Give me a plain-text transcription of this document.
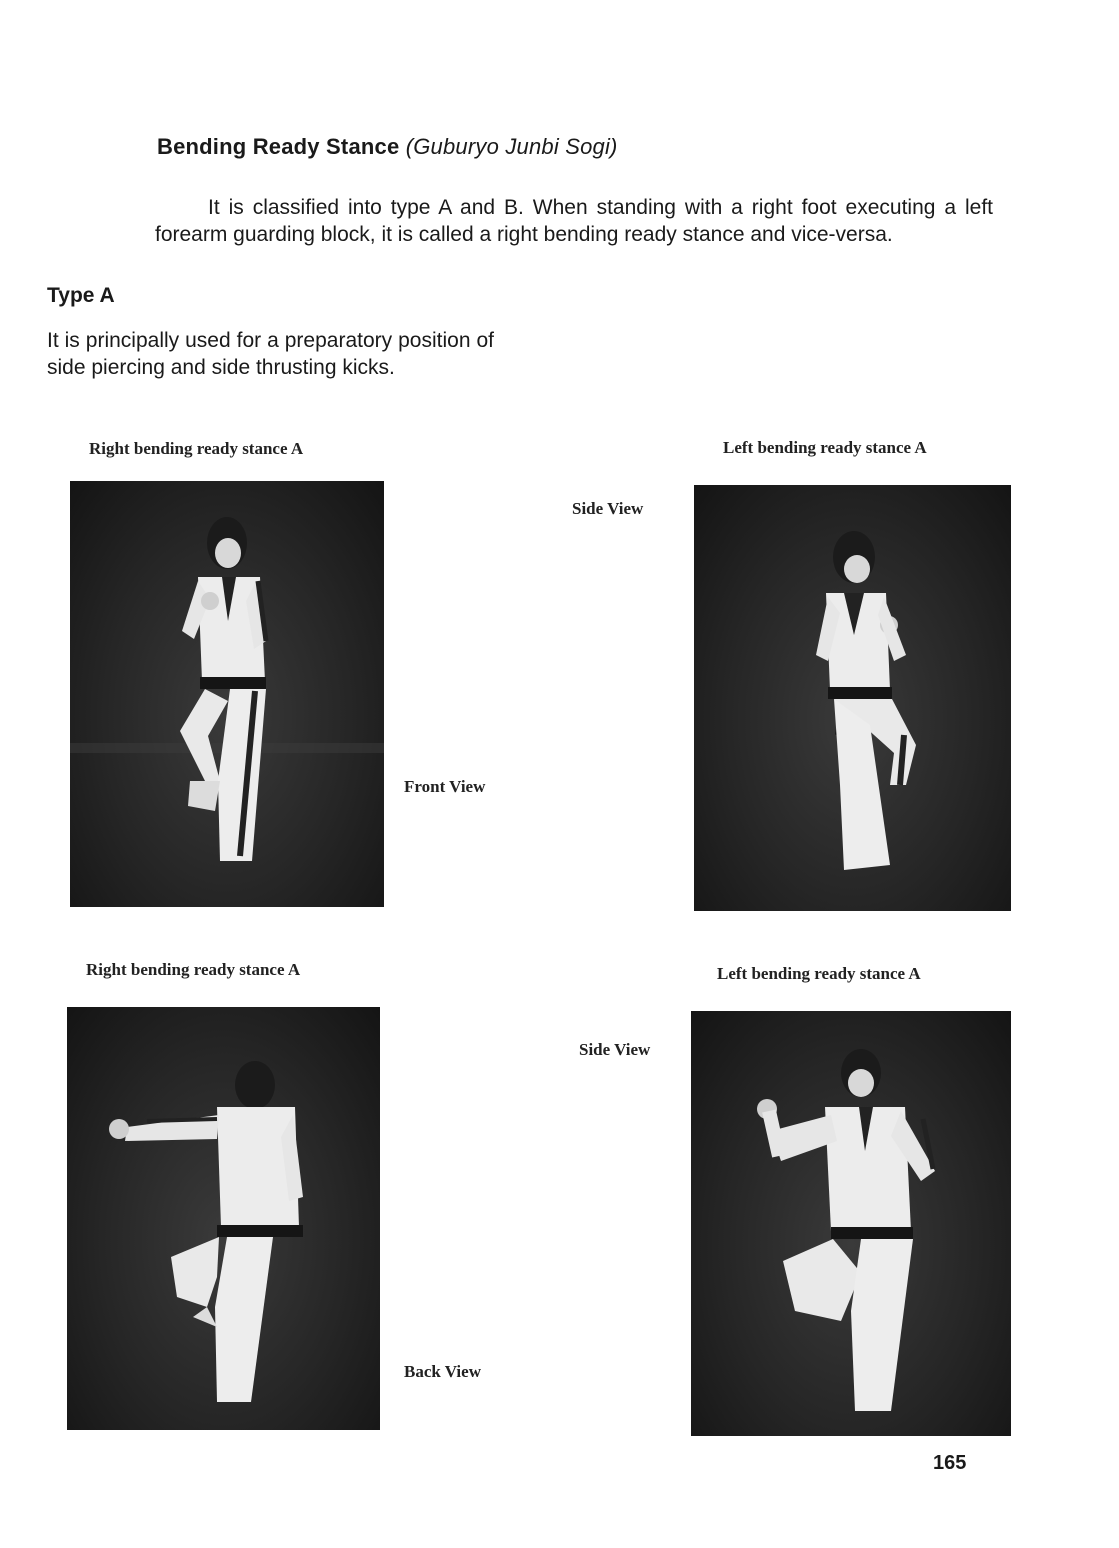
Bending Ready Stance (Guburyo Junbi Sogi)
It is classified into type A and B. When standing with a right foot executing a left forearm guarding block, it is called a right bending ready stance and vice-versa.
Type A
It is principally used for a preparatory position of side piercing and side thrusting kicks.
Right bending ready stance A	Left bending ready stance A
Side View
Front View
Right bending ready stance A	Left bending ready stance A
Side View
Back View
165
